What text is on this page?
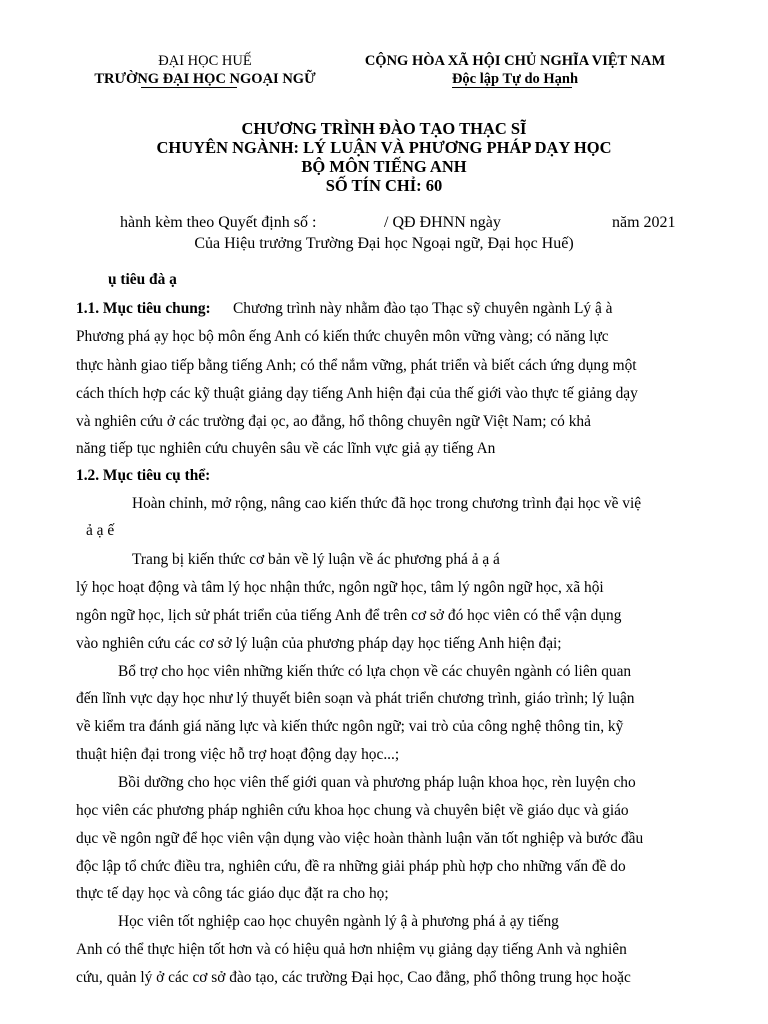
ĐẠI HỌC HUẾ
TRƯỜNG ĐẠI HỌC NGOẠI NGỮ
CỘNG HÒA XÃ HỘI CHỦ NGHĨA VIỆT NAM
Độc lập Tự do Hạnh
CHƯƠNG TRÌNH ĐÀO TẠO THẠC SĨ
CHUYÊN NGÀNH: LÝ LUẬN VÀ PHƯƠNG PHÁP DẠY HỌC
BỘ MÔN TIẾNG ANH
SỐ TÍN CHỈ: 60
hành kèm theo Quyết định số :	/ QĐ ĐHNN ngày	năm 2021
Của Hiệu trưởng Trường Đại học Ngoại ngữ, Đại học Huế)
ụ tiêu đà ạ
1.1. Mục tiêu chung: Chương trình này nhằm đào tạo Thạc sỹ chuyên ngành Lý ậ à
Phương phá ạy học bộ môn ếng Anh có kiến thức chuyên môn vững vàng; có năng lực
thực hành giao tiếp bằng tiếng Anh; có thể nắm vững, phát triển và biết cách ứng dụng một
cách thích hợp các kỹ thuật giảng dạy tiếng Anh hiện đại của thế giới vào thực tế giảng dạy
và nghiên cứu ở các trường đại ọc, ao đẳng, hổ thông chuyên ngữ Việt Nam; có khả
năng tiếp tục nghiên cứu chuyên sâu về các lĩnh vực giả ạy tiếng An
1.2. Mục tiêu cụ thể:
Hoàn chỉnh, mở rộng, nâng cao kiến thức đã học trong chương trình đại học về việ
ả ạ ế
Trang bị kiến thức cơ bản về lý luận về ác phương phá ả ạ á
lý học hoạt động và tâm lý học nhận thức, ngôn ngữ học, tâm lý ngôn ngữ học, xã hội
ngôn ngữ học, lịch sử phát triển của tiếng Anh để trên cơ sở đó học viên có thể vận dụng
vào nghiên cứu các cơ sở lý luận của phương pháp dạy học tiếng Anh hiện đại;
Bổ trợ cho học viên những kiến thức có lựa chọn về các chuyên ngành có liên quan
đến lĩnh vực dạy học như lý thuyết biên soạn và phát triển chương trình, giáo trình; lý luận
về kiểm tra đánh giá năng lực và kiến thức ngôn ngữ; vai trò của công nghệ thông tin, kỹ
thuật hiện đại trong việc hỗ trợ hoạt động dạy học...;
Bồi dưỡng cho học viên thế giới quan và phương pháp luận khoa học, rèn luyện cho
học viên các phương pháp nghiên cứu khoa học chung và chuyên biệt về giáo dục và giáo
dục về ngôn ngữ để học viên vận dụng vào việc hoàn thành luận văn tốt nghiệp và bước đầu
độc lập tổ chức điều tra, nghiên cứu, đề ra những giải pháp phù hợp cho những vấn đề do
thực tế dạy học và công tác giáo dục đặt ra cho họ;
Học viên tốt nghiệp cao học chuyên ngành lý ậ à phương phá ả ạy tiếng
Anh có thể thực hiện tốt hơn và có hiệu quả hơn nhiệm vụ giảng dạy tiếng Anh và nghiên
cứu, quản lý ở các cơ sở đào tạo, các trường Đại học, Cao đẳng, phổ thông trung học hoặc
